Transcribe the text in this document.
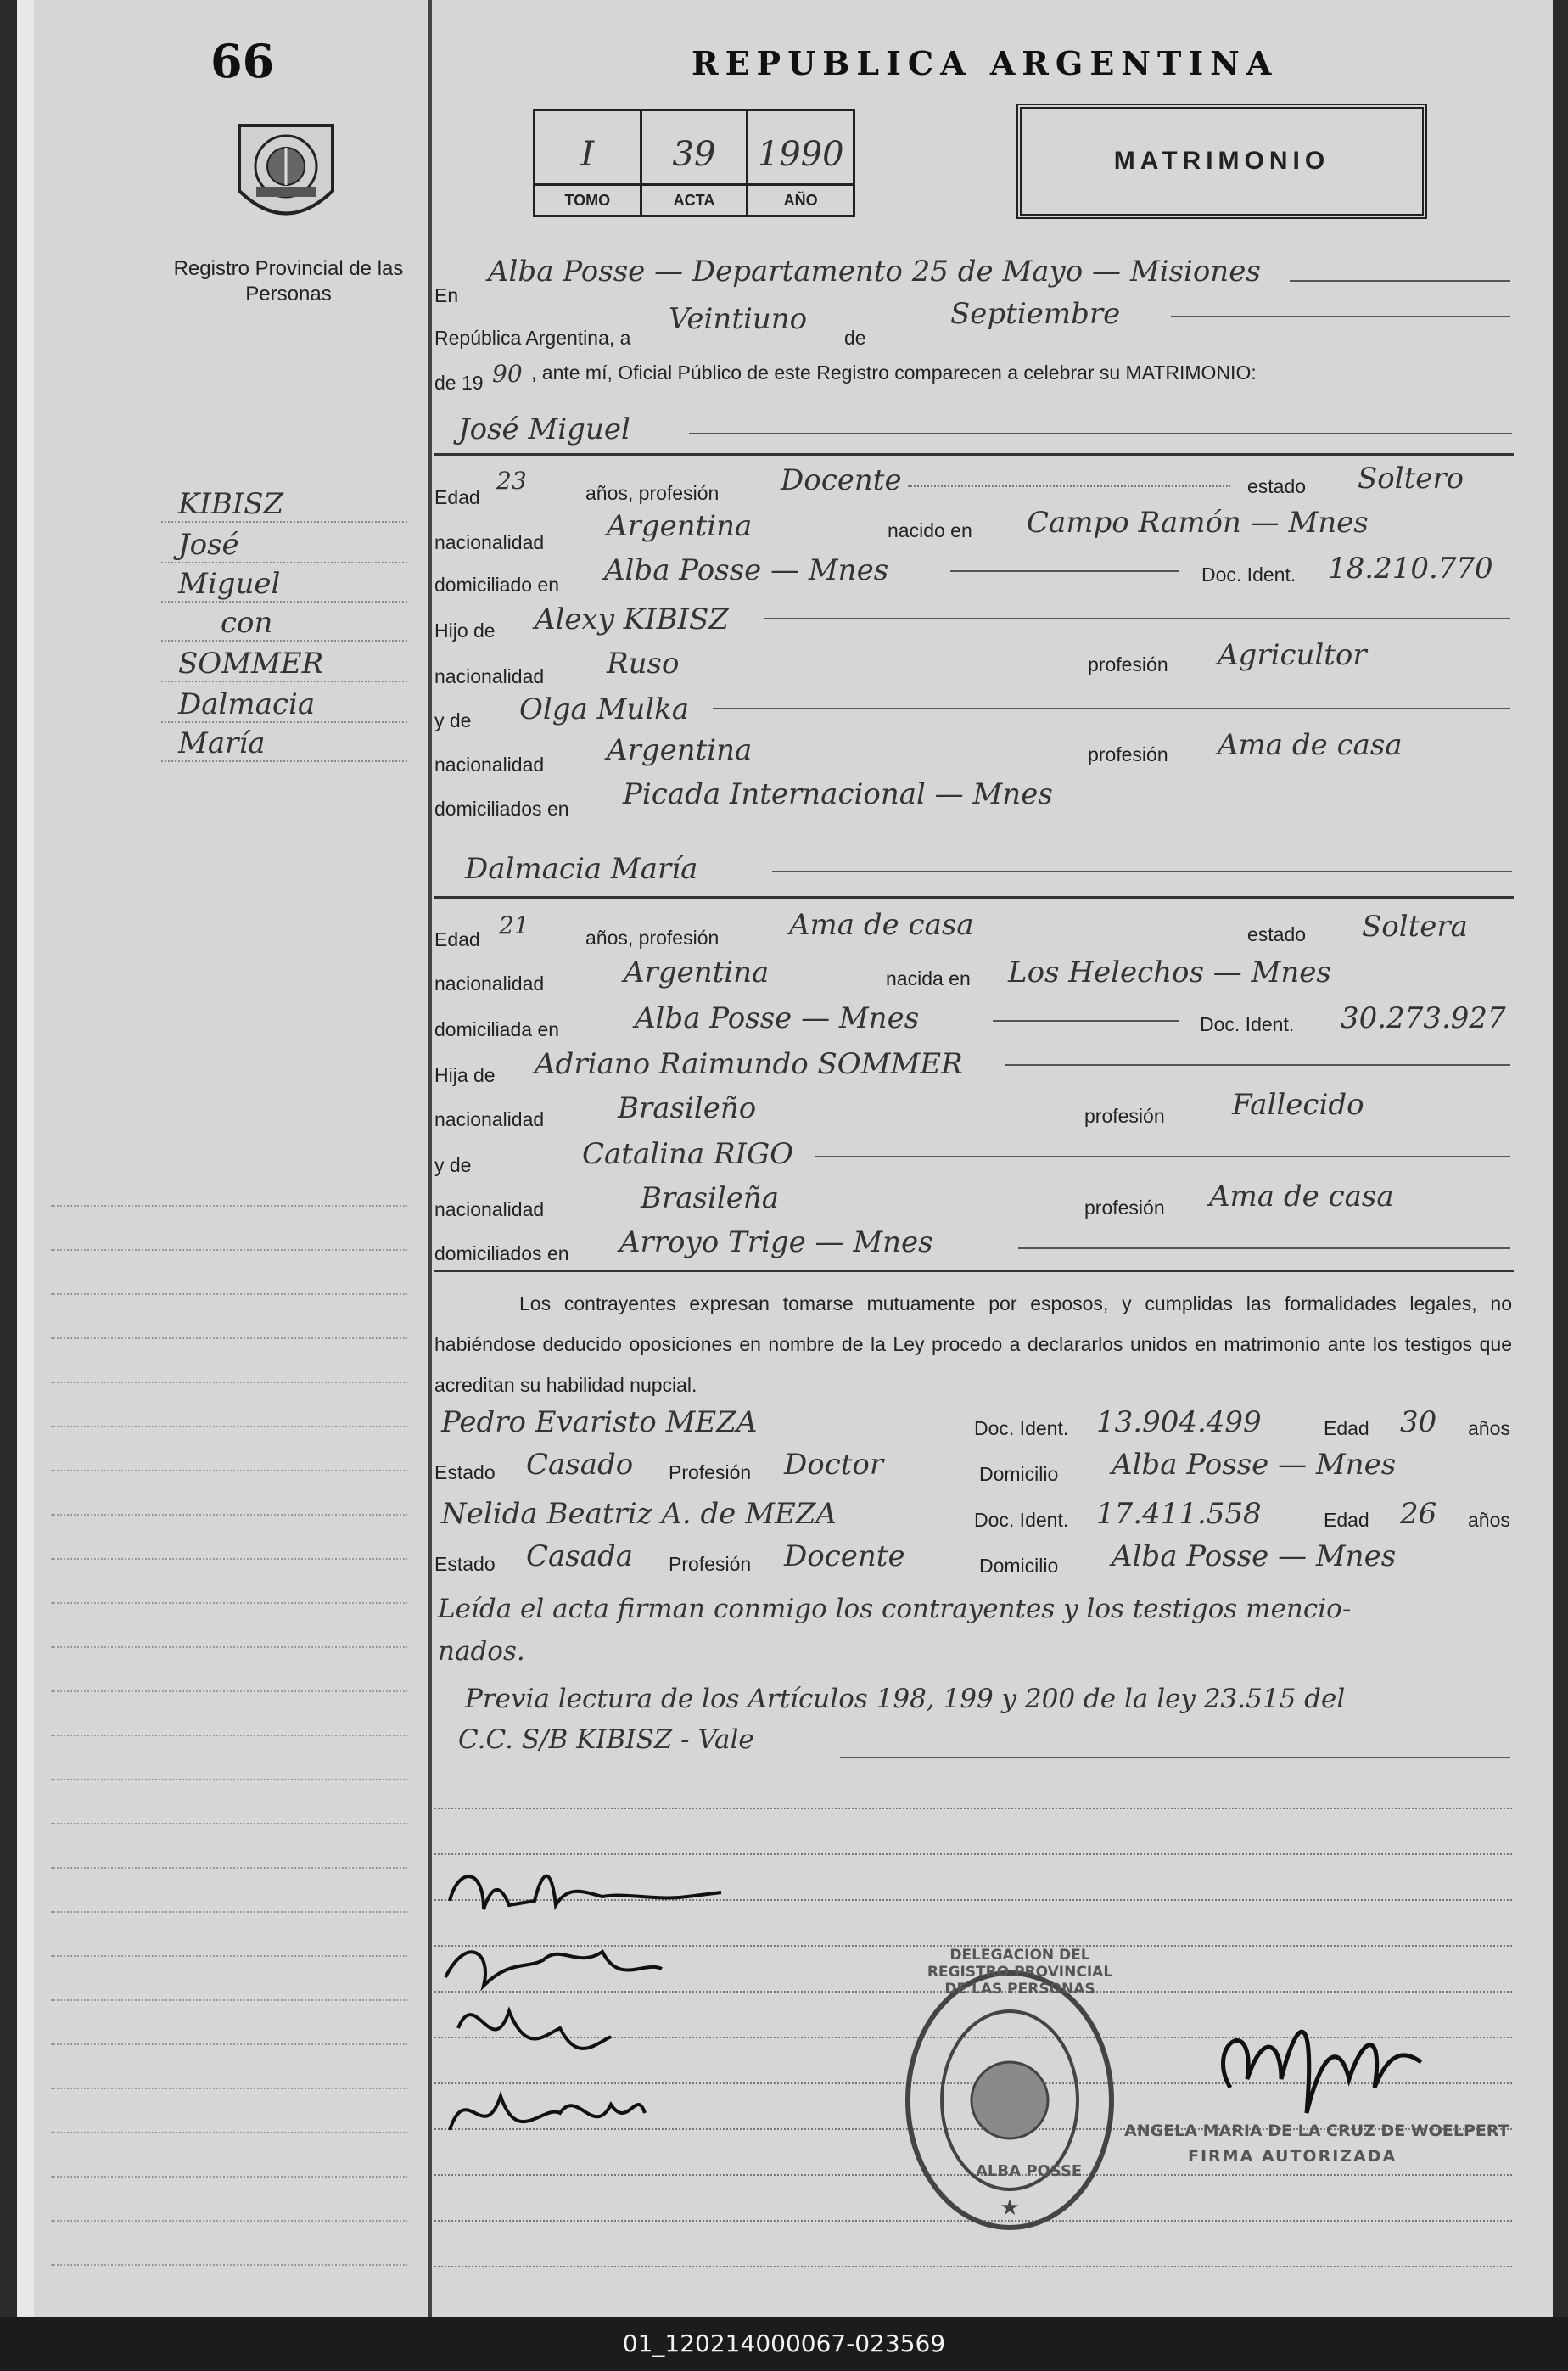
66
Registro Provincial de las Personas
KIBISZ
José
Miguel
con
SOMMER
Dalmacia
María
REPUBLICA ARGENTINA
I
TOMO
39
ACTA
1990
AÑO
MATRIMONIO
En
Alba Posse — Departamento 25 de Mayo — Misiones
República Argentina, a
Veintiuno
de
Septiembre
de 19 90 , ante mí, Oficial Público de este Registro comparecen a celebrar su MATRIMONIO:
José Miguel
Edad
23	años, profesión Docente	estado Soltero
nacionalidad Argentina	nacido en Campo Ramón — Mnes
domiciliado en Alba Posse — Mnes	Doc. Ident. 18.210.770
Hijo de Alexy KIBISZ
nacionalidad Ruso	profesión Agricultor
y de Olga Mulka
nacionalidad Argentina	profesión Ama de casa
domiciliados en Picada Internacional — Mnes
Dalmacia María
Edad 21	años, profesión Ama de casa	estado Soltera
nacionalidad	Argentina	nacida en Los Helechos — Mnes
domiciliada en	Alba Posse — Mnes	Doc. Ident. 30.273.927
Hija de Adriano Raimundo SOMMER
nacionalidad	Brasileño	profesión Fallecido
y de	Catalina RIGO
nacionalidad	Brasileña	profesión Ama de casa
domiciliados en Arroyo Trige — Mnes
Los contrayentes expresan tomarse mutuamente por esposos, y cumplidas las formalidades legales, no habiéndose deducido oposiciones en nombre de la Ley procedo a declararlos unidos en matrimonio ante los testigos que acreditan su habilidad nupcial.
Pedro Evaristo MEZA	Doc. Ident. 13.904.499	Edad 30 años
Estado Casado Profesión Doctor	Domicilio Alba Posse — Mnes
Nelida Beatriz A. de MEZA	Doc. Ident. 17.411.558	Edad 26 años
Estado Casada Profesión Docente	Domicilio Alba Posse — Mnes
Leída el acta firman conmigo los contrayentes y los testigos mencio-
nados.
Previa lectura de los Artículos 198, 199 y 200 de la ley 23.515 del
C.C. S/B KIBISZ - Vale
★
DELEGACION DEL REGISTRO PROVINCIAL DE LAS PERSONAS
ALBA POSSE
ANGELA MARIA DE LA CRUZ DE WOELPERT
FIRMA AUTORIZADA
01_120214000067-023569
